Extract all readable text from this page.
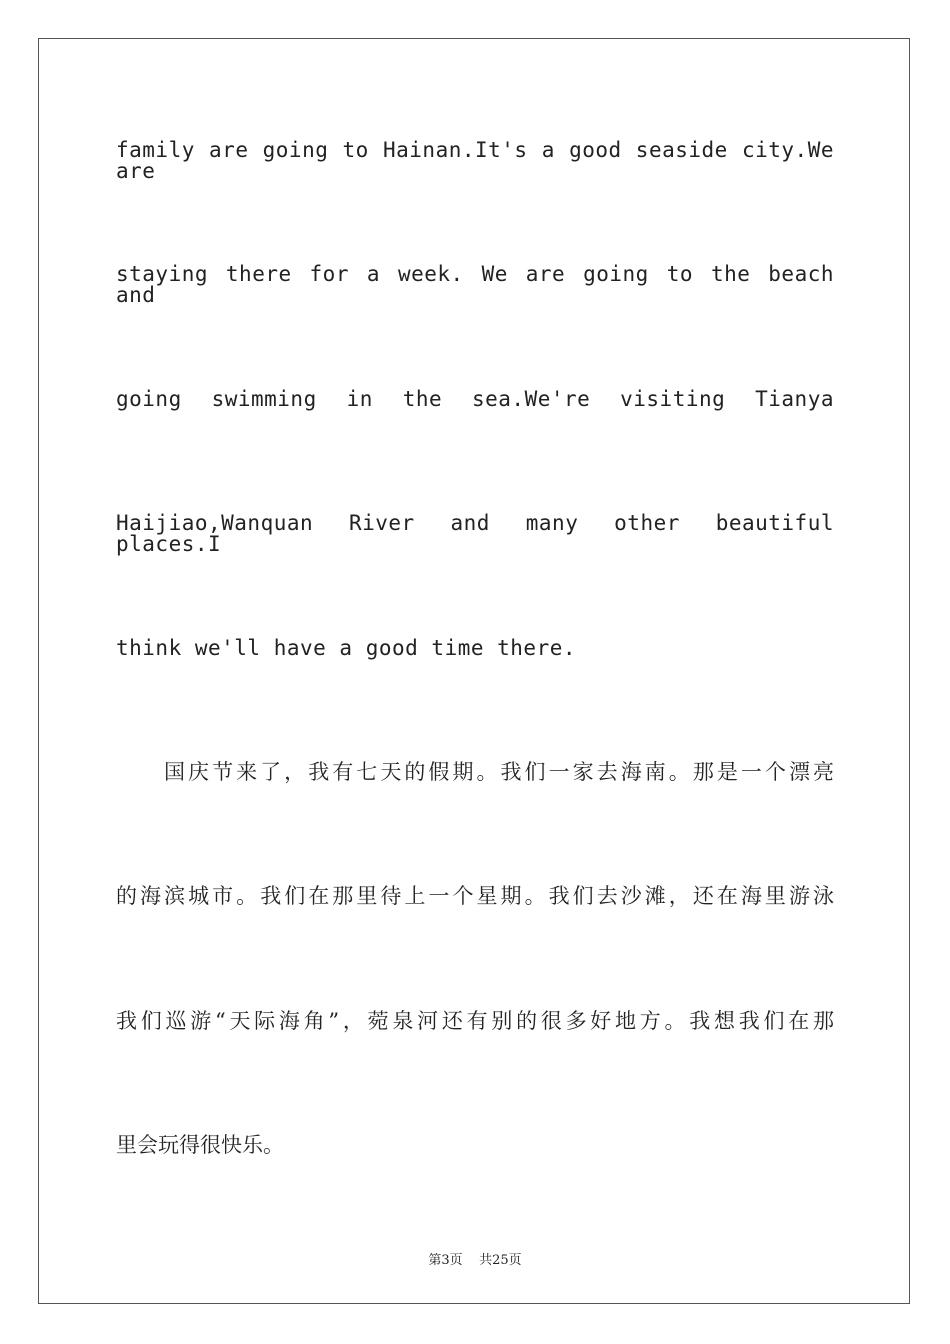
family are going to Hainan.It's a good seaside city.We are
staying there for a week. We are going to the beach and
going swimming in the sea.We're visiting Tianya
Haijiao,Wanquan River and many other beautiful places.I
think we'll have a good time there.
国庆节来了，我有七天的假期。我们一家去海南。那是一个漂亮
的海滨城市。我们在那里待上一个星期。我们去沙滩，还在海里游泳
我们巡游“天际海角”，菀泉河还有别的很多好地方。我想我们在那
里会玩得很快乐。
第3页 共25页
